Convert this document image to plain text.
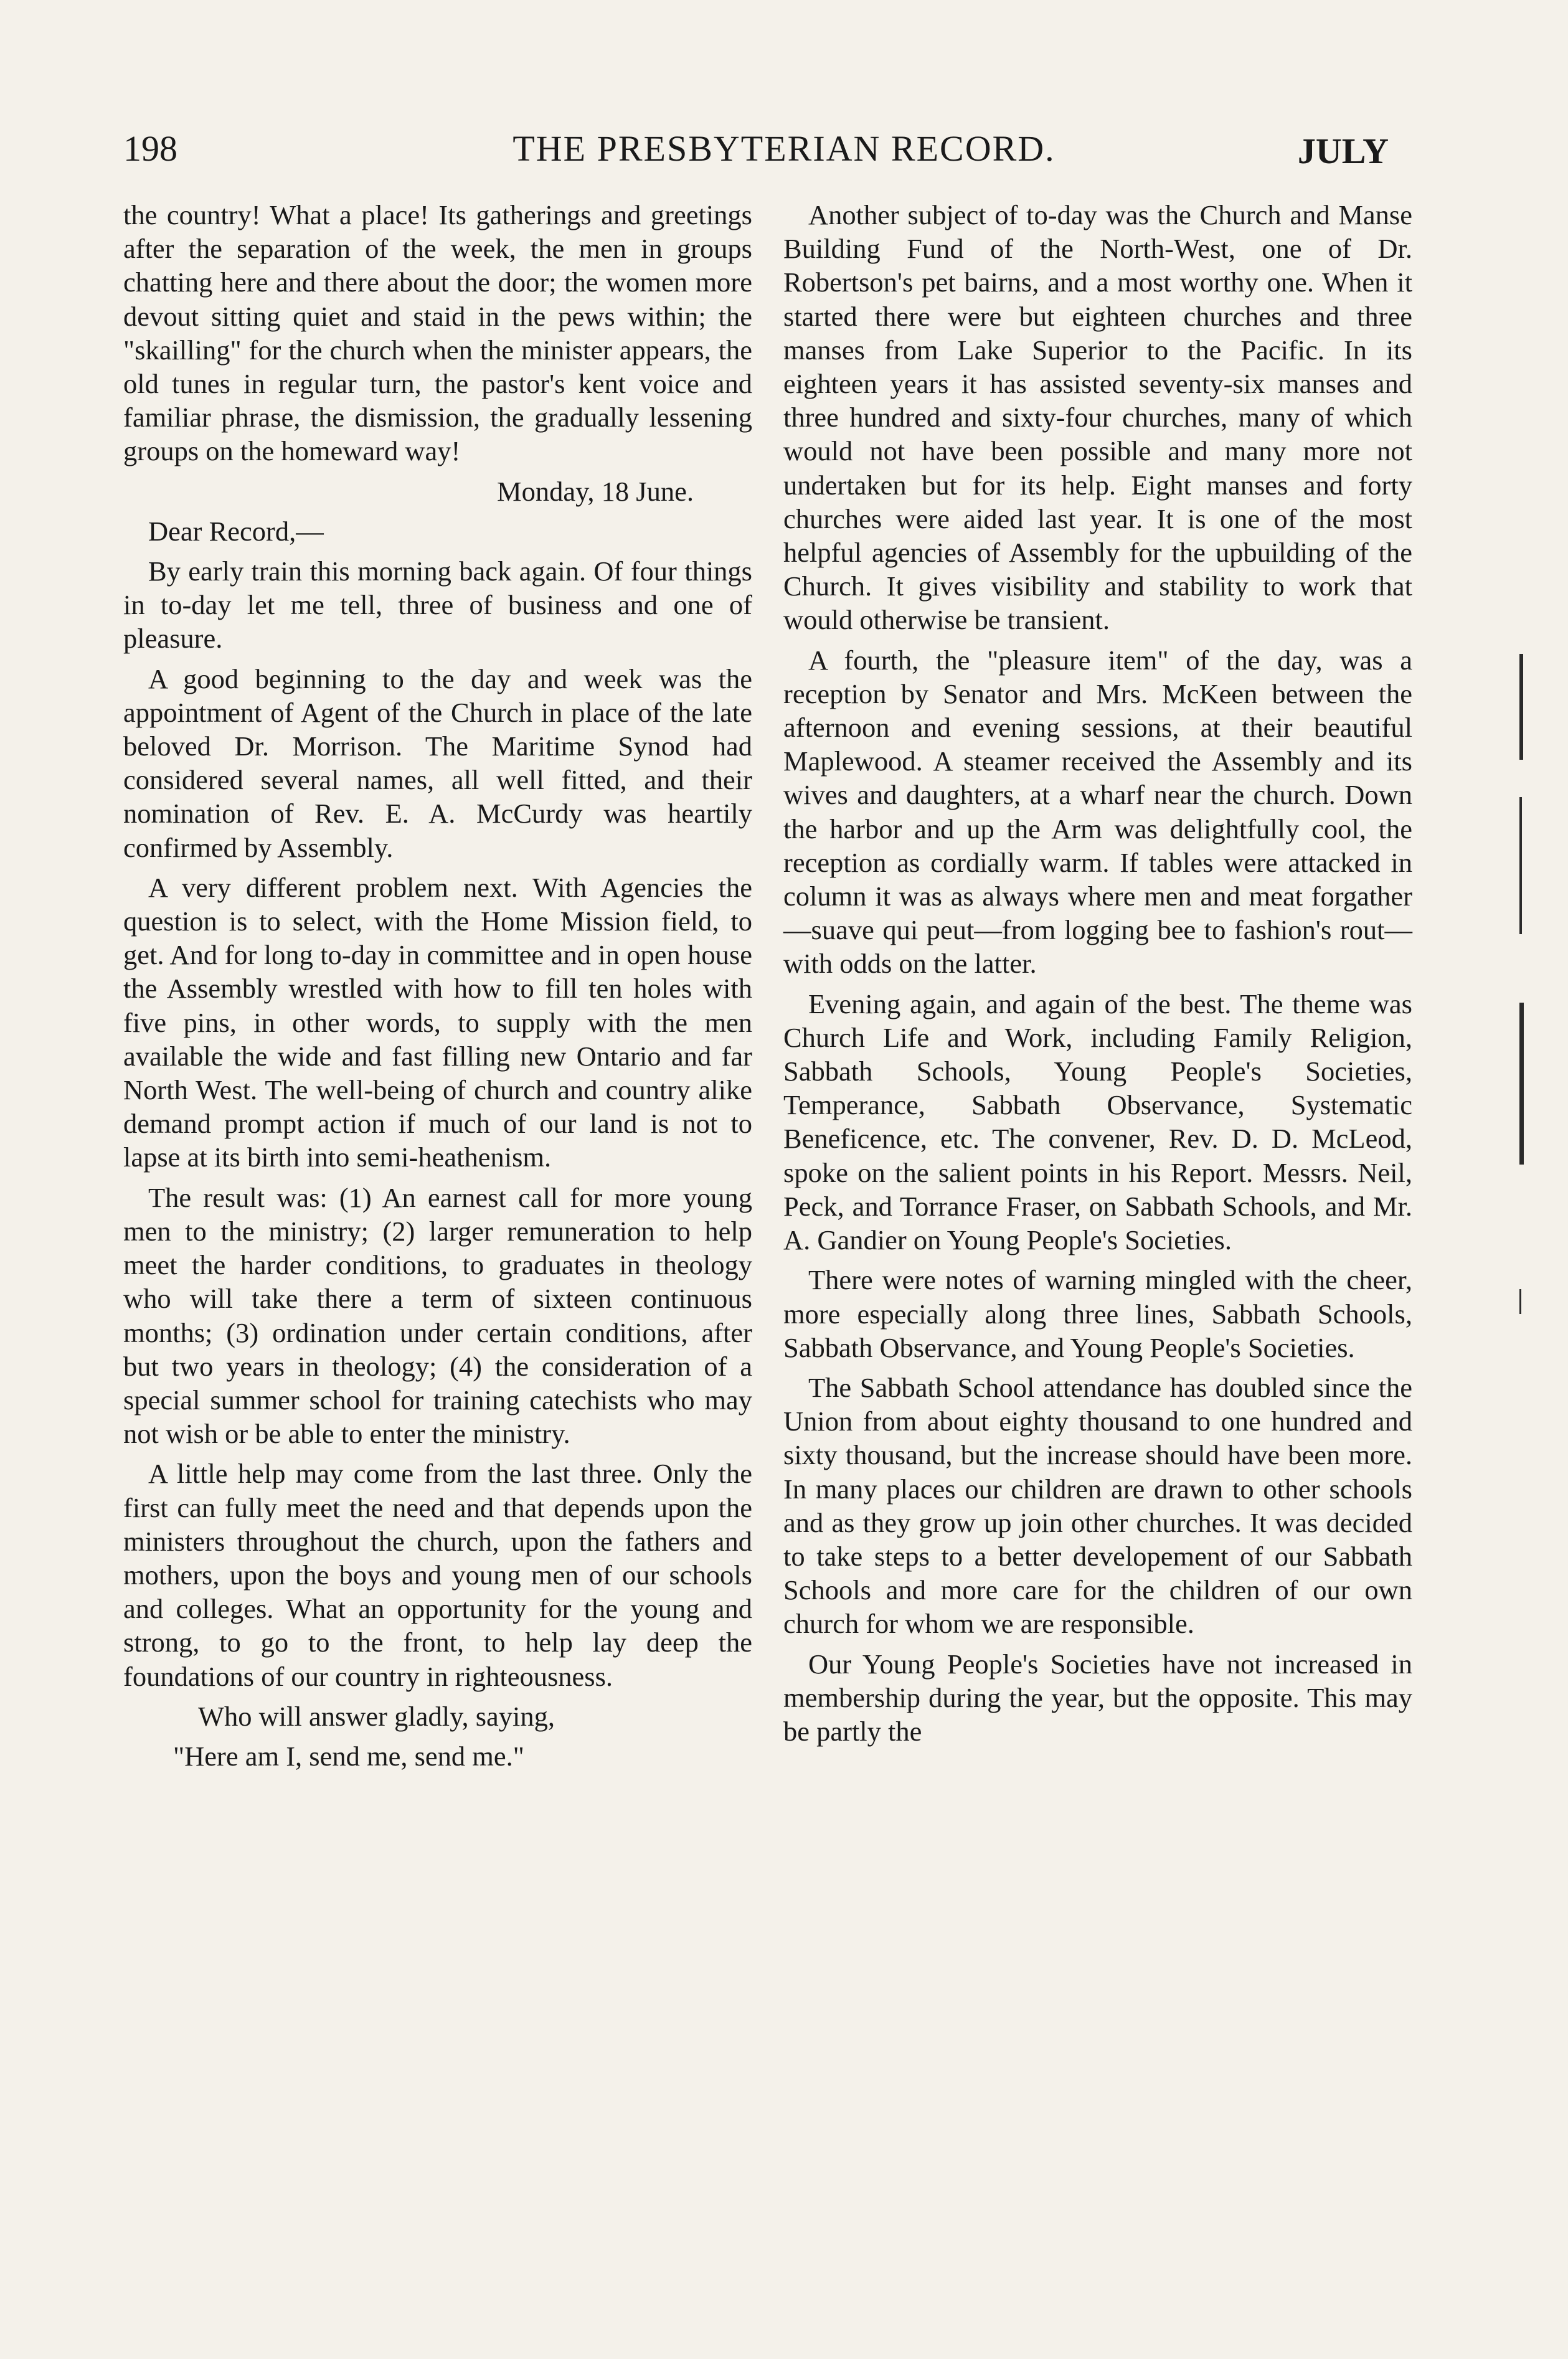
198	THE PRESBYTERIAN RECORD.	JULY

the country! What a place! Its gatherings and greetings after the separation of the week, the men in groups chatting here and there about the door; the women more devout sitting quiet and staid in the pews within; the "skailling" for the church when the minister appears, the old tunes in regular turn, the pastor's kent voice and familiar phrase, the dismission, the gradually lessening groups on the homeward way!

Monday, 18 June.

Dear Record,—

By early train this morning back again. Of four things in to-day let me tell, three of business and one of pleasure.

A good beginning to the day and week was the appointment of Agent of the Church in place of the late beloved Dr. Morrison. The Maritime Synod had considered several names, all well fitted, and their nomination of Rev. E. A. McCurdy was heartily confirmed by Assembly.

A very different problem next. With Agencies the question is to select, with the Home Mission field, to get. And for long to-day in committee and in open house the Assembly wrestled with how to fill ten holes with five pins, in other words, to supply with the men available the wide and fast filling new Ontario and far North West. The well-being of church and country alike demand prompt action if much of our land is not to lapse at its birth into semi-heathenism.

The result was: (1) An earnest call for more young men to the ministry; (2) larger remuneration to help meet the harder conditions, to graduates in theology who will take there a term of sixteen continuous months; (3) ordination under certain conditions, after but two years in theology; (4) the consideration of a special summer school for training catechists who may not wish or be able to enter the ministry.

A little help may come from the last three. Only the first can fully meet the need and that depends upon the ministers throughout the church, upon the fathers and mothers, upon the boys and young men of our schools and colleges. What an opportunity for the young and strong, to go to the front, to help lay deep the foundations of our country in righteousness.

Who will answer gladly, saying,

"Here am I, send me, send me."

Another subject of to-day was the Church and Manse Building Fund of the North-West, one of Dr. Robertson's pet bairns, and a most worthy one. When it started there were but eighteen churches and three manses from Lake Superior to the Pacific. In its eighteen years it has assisted seventy-six manses and three hundred and sixty-four churches, many of which would not have been possible and many more not undertaken but for its help. Eight manses and forty churches were aided last year. It is one of the most helpful agencies of Assembly for the upbuilding of the Church. It gives visibility and stability to work that would otherwise be transient.

A fourth, the "pleasure item" of the day, was a reception by Senator and Mrs. McKeen between the afternoon and evening sessions, at their beautiful Maplewood. A steamer received the Assembly and its wives and daughters, at a wharf near the church. Down the harbor and up the Arm was delightfully cool, the reception as cordially warm. If tables were attacked in column it was as always where men and meat forgather—suave qui peut—from logging bee to fashion's rout—with odds on the latter.

Evening again, and again of the best. The theme was Church Life and Work, including Family Religion, Sabbath Schools, Young People's Societies, Temperance, Sabbath Observance, Systematic Beneficence, etc. The convener, Rev. D. D. McLeod, spoke on the salient points in his Report. Messrs. Neil, Peck, and Torrance Fraser, on Sabbath Schools, and Mr. A. Gandier on Young People's Societies.

There were notes of warning mingled with the cheer, more especially along three lines, Sabbath Schools, Sabbath Observance, and Young People's Societies.

The Sabbath School attendance has doubled since the Union from about eighty thousand to one hundred and sixty thousand, but the increase should have been more. In many places our children are drawn to other schools and as they grow up join other churches. It was decided to take steps to a better developement of our Sabbath Schools and more care for the children of our own church for whom we are responsible.

Our Young People's Societies have not increased in membership during the year, but the opposite. This may be partly the
